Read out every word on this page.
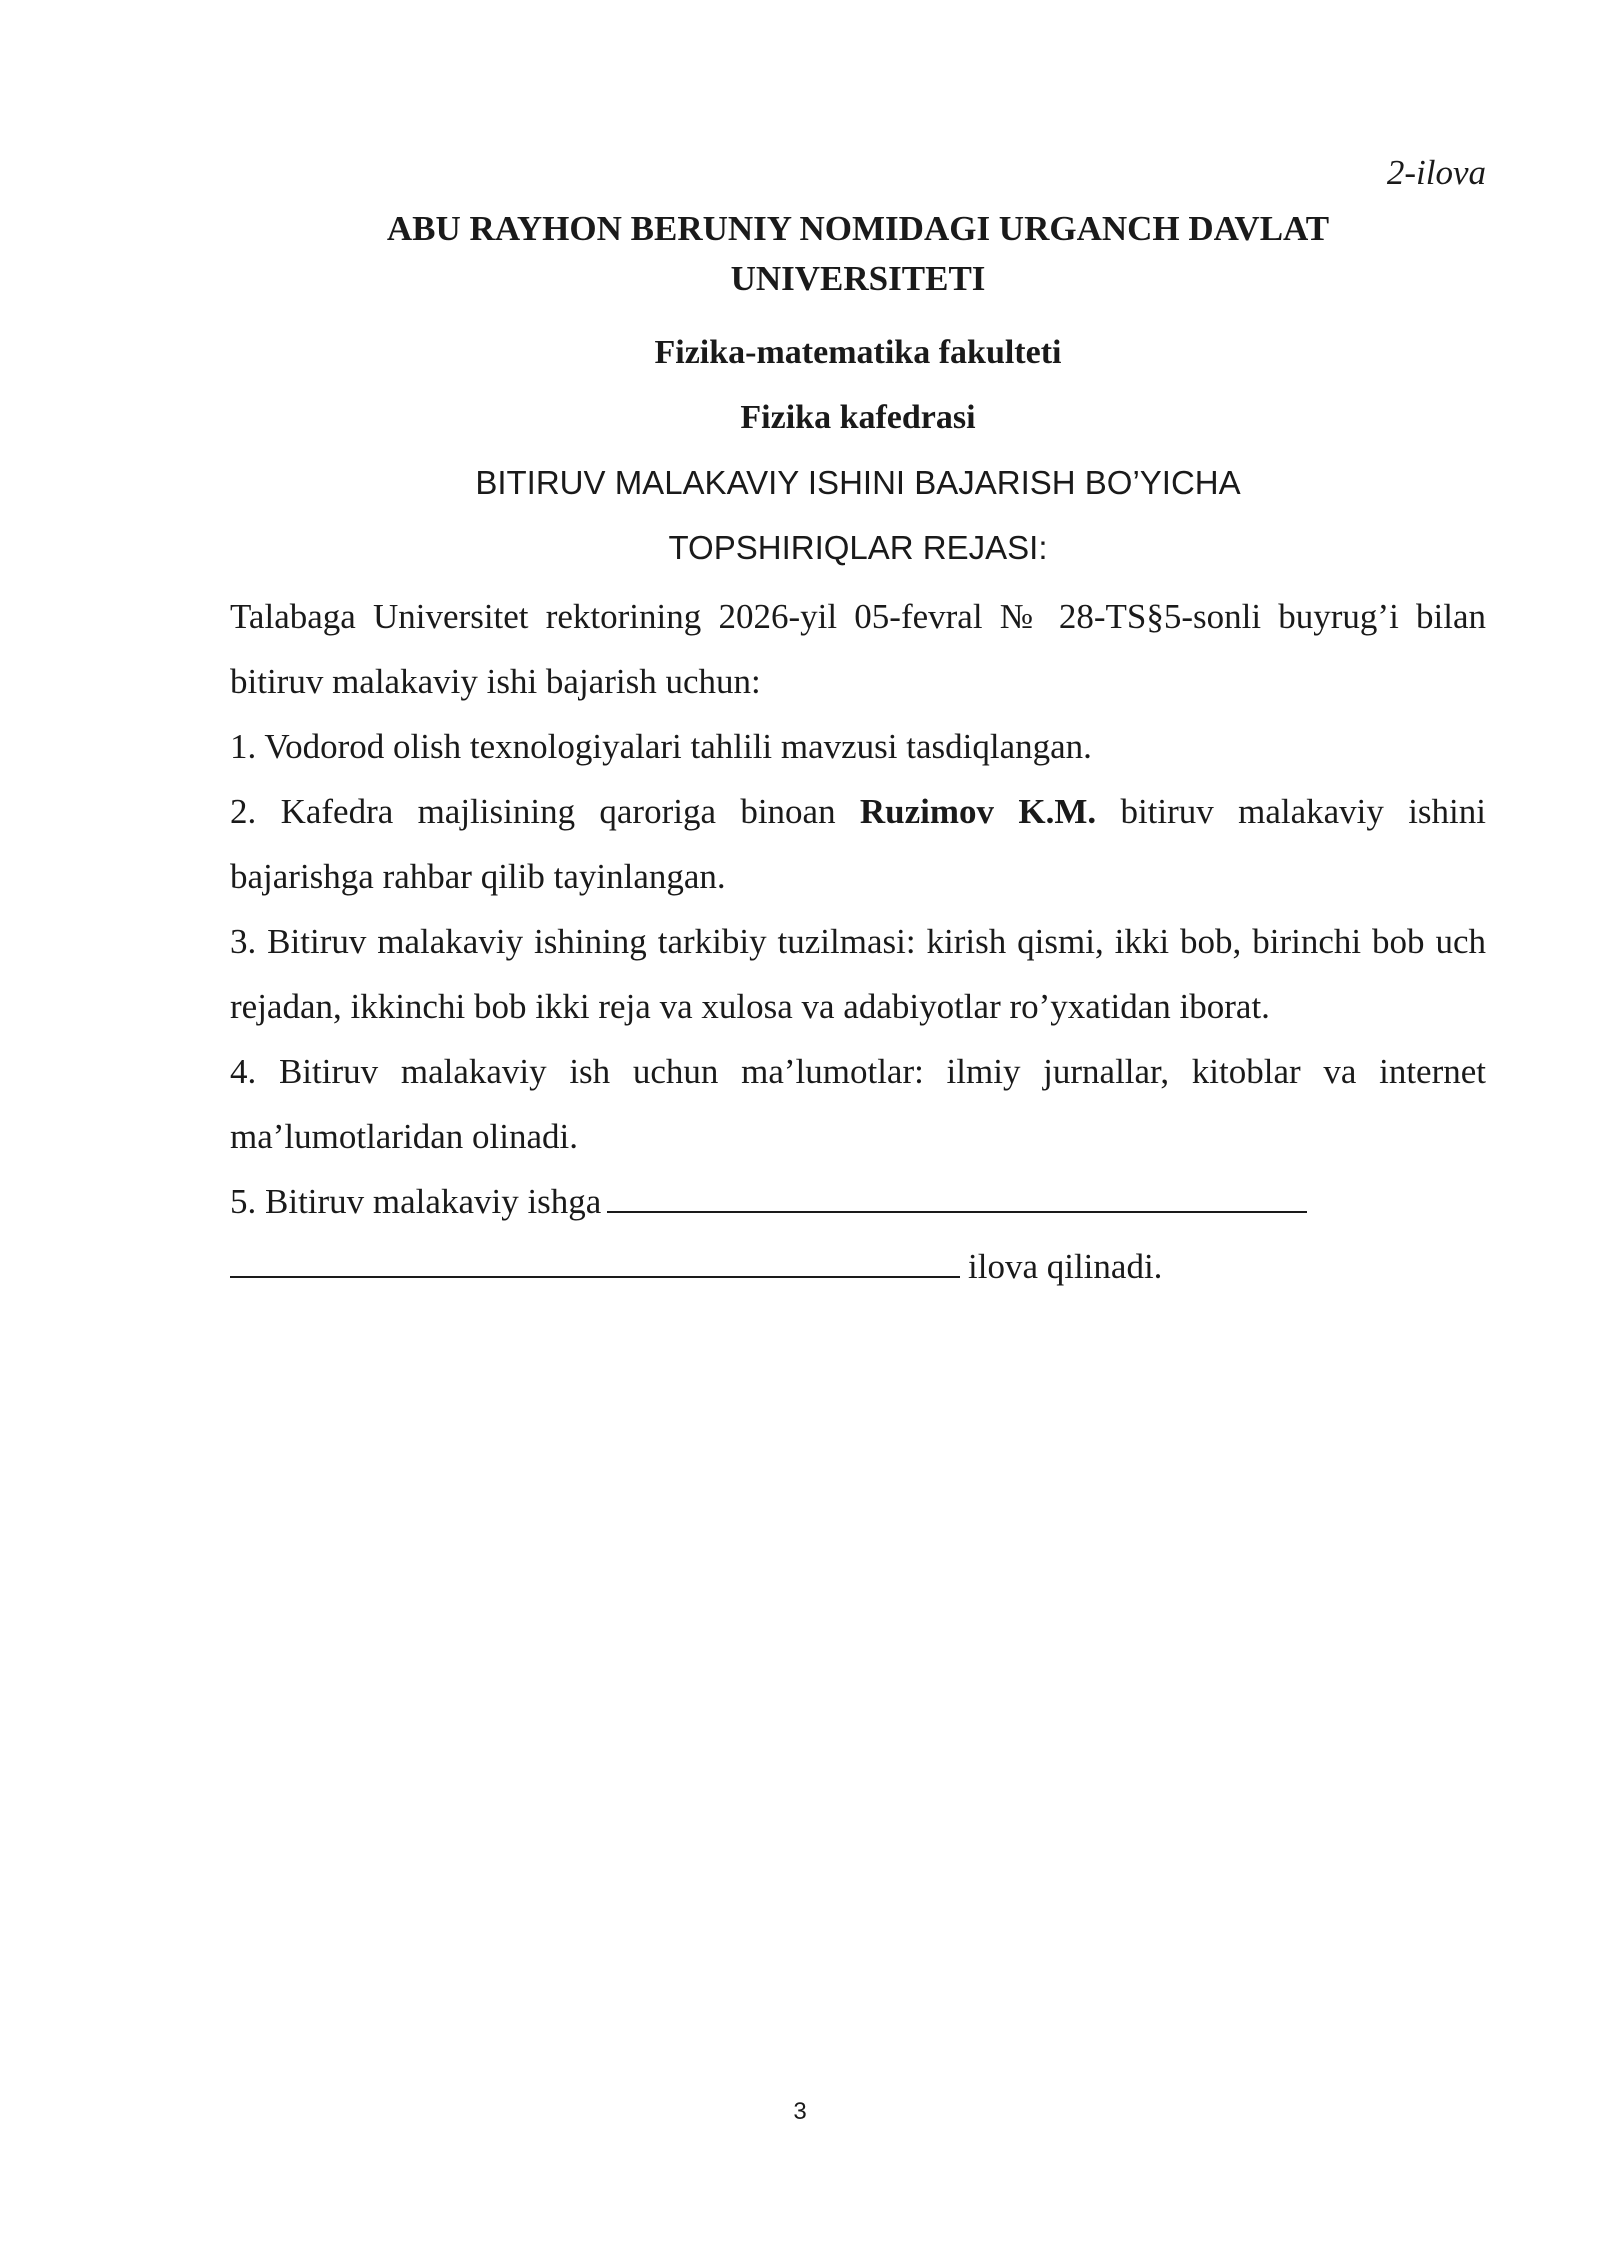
2-ilova
ABU RAYHON BERUNIY NOMIDAGI URGANCH DAVLAT
UNIVERSITETI

Fizika-matematika fakulteti

Fizika kafedrasi

BITIRUV MALAKAVIY ISHINI BAJARISH BO’YICHA

TOPSHIRIQLAR REJASI:

Talabaga Universitet rektorining 2026-yil 05-fevral № 28-TS§5-sonli buyrug’i bilan bitiruv malakaviy ishi bajarish uchun:

1. Vodorod olish texnologiyalari tahlili mavzusi tasdiqlangan.

2. Kafedra majlisining qaroriga binoan Ruzimov K.M. bitiruv malakaviy ishini bajarishga rahbar qilib tayinlangan.

3. Bitiruv malakaviy ishining tarkibiy tuzilmasi: kirish qismi, ikki bob, birinchi bob uch rejadan, ikkinchi bob ikki reja va xulosa va adabiyotlar ro’yxatidan iborat.

4. Bitiruv malakaviy ish uchun ma’lumotlar: ilmiy jurnallar, kitoblar va internet ma’lumotlaridan olinadi.

5. Bitiruv malakaviy ishga
ilova qilinadi.

3
